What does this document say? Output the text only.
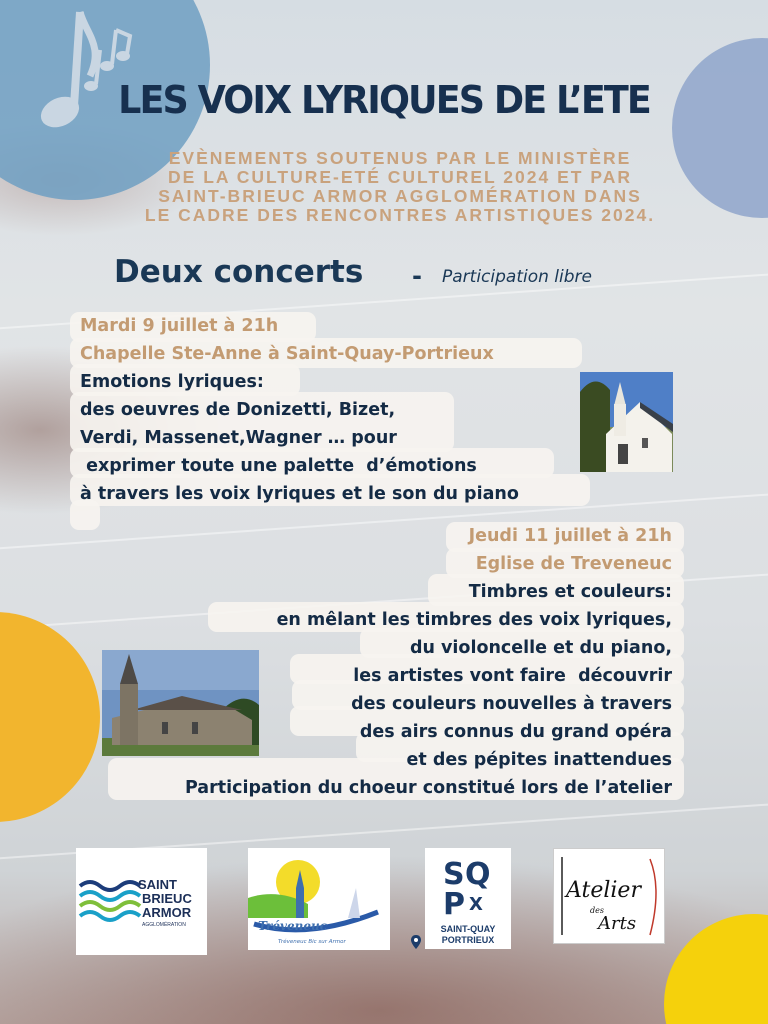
LES VOIX LYRIQUES DE L’ETE
EVÈNEMENTS SOUTENUS PAR LE MINISTÈRE
DE LA CULTURE-ETÉ CULTUREL 2024 ET PAR
SAINT-BRIEUC ARMOR AGGLOMÉRATION DANS
LE CADRE DES RENCONTRES ARTISTIQUES 2024.
Deux concerts - Participation libre
Mardi 9 juillet à 21h
Chapelle Ste-Anne à Saint-Quay-Portrieux
Emotions lyriques:
des oeuvres de Donizetti, Bizet,
Verdi, Massenet,Wagner … pour
exprimer toute une palette  d’émotions
à travers les voix lyriques et le son du piano
Jeudi 11 juillet à 21h
Eglise de Treveneuc
Timbres et couleurs:
en mêlant les timbres des voix lyriques,
du violoncelle et du piano,
les artistes vont faire  découvrir
des couleurs nouvelles à travers
des airs connus du grand opéra
et des pépites inattendues
Participation du choeur constitué lors de l’atelier
SAINT
BRIEUC
ARMOR
AGGLOMÉRATION	Tréveneuc
Tréveneuc Bic sur Armor
S Q
P X
SAINT-QUAY
PORTRIEUX
Atelier
des
Arts
